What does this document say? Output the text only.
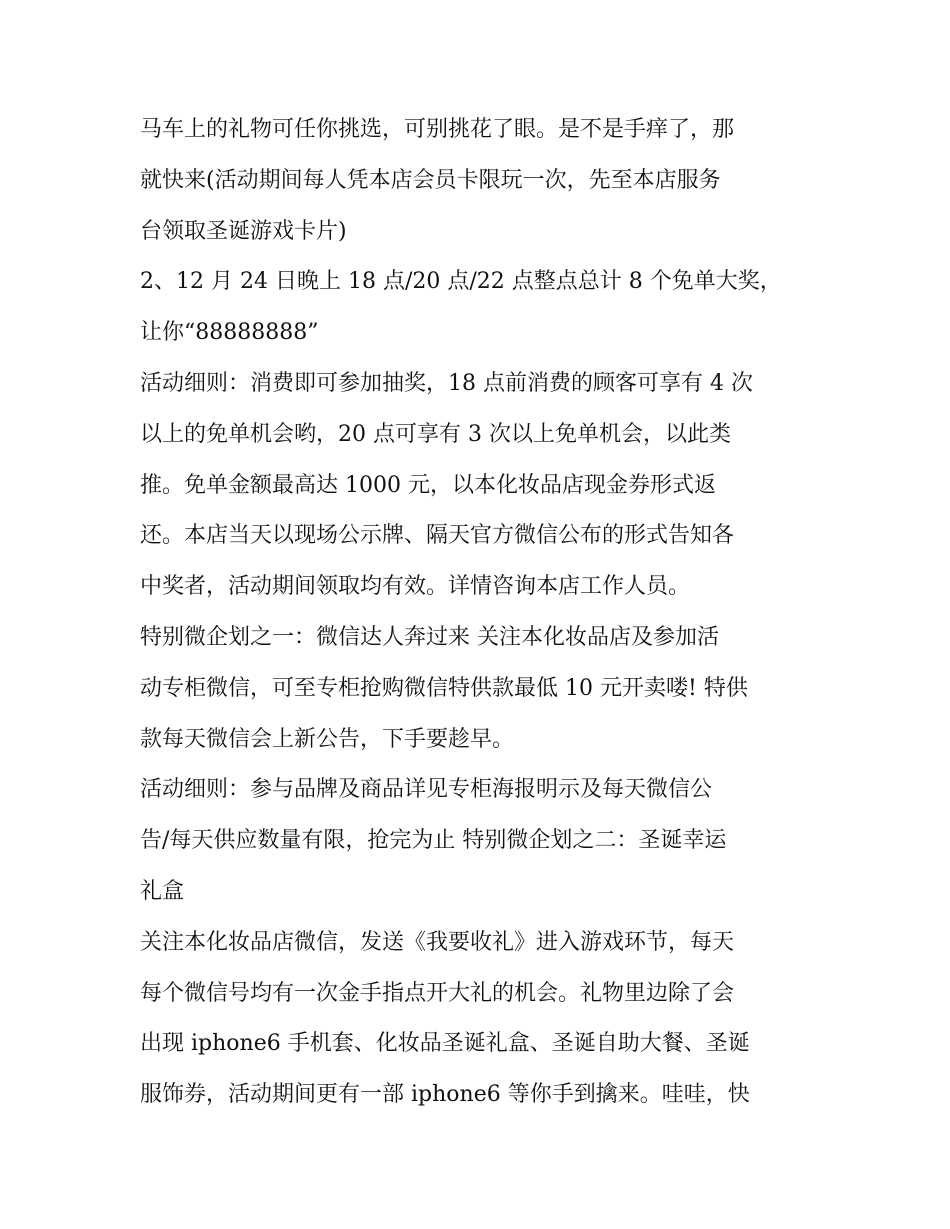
马车上的礼物可任你挑选，可别挑花了眼。是不是手痒了，那
就快来(活动期间每人凭本店会员卡限玩一次，先至本店服务
台领取圣诞游戏卡片)
2、12 月 24 日晚上 18 点/20 点/22 点整点总计 8 个免单大奖，
让你“88888888”
活动细则：消费即可参加抽奖，18 点前消费的顾客可享有 4 次
以上的免单机会哟，20 点可享有 3 次以上免单机会，以此类
推。免单金额最高达 1000 元，以本化妆品店现金券形式返
还。本店当天以现场公示牌、隔天官方微信公布的形式告知各
中奖者，活动期间领取均有效。详情咨询本店工作人员。
特别微企划之一：微信达人奔过来 关注本化妆品店及参加活
动专柜微信，可至专柜抢购微信特供款最低 10 元开卖喽! 特供
款每天微信会上新公告，下手要趁早。
活动细则：参与品牌及商品详见专柜海报明示及每天微信公
告/每天供应数量有限，抢完为止 特别微企划之二：圣诞幸运
礼盒
关注本化妆品店微信，发送《我要收礼》进入游戏环节，每天
每个微信号均有一次金手指点开大礼的机会。礼物里边除了会
出现 iphone6 手机套、化妆品圣诞礼盒、圣诞自助大餐、圣诞
服饰券，活动期间更有一部 iphone6 等你手到擒来。哇哇，快
